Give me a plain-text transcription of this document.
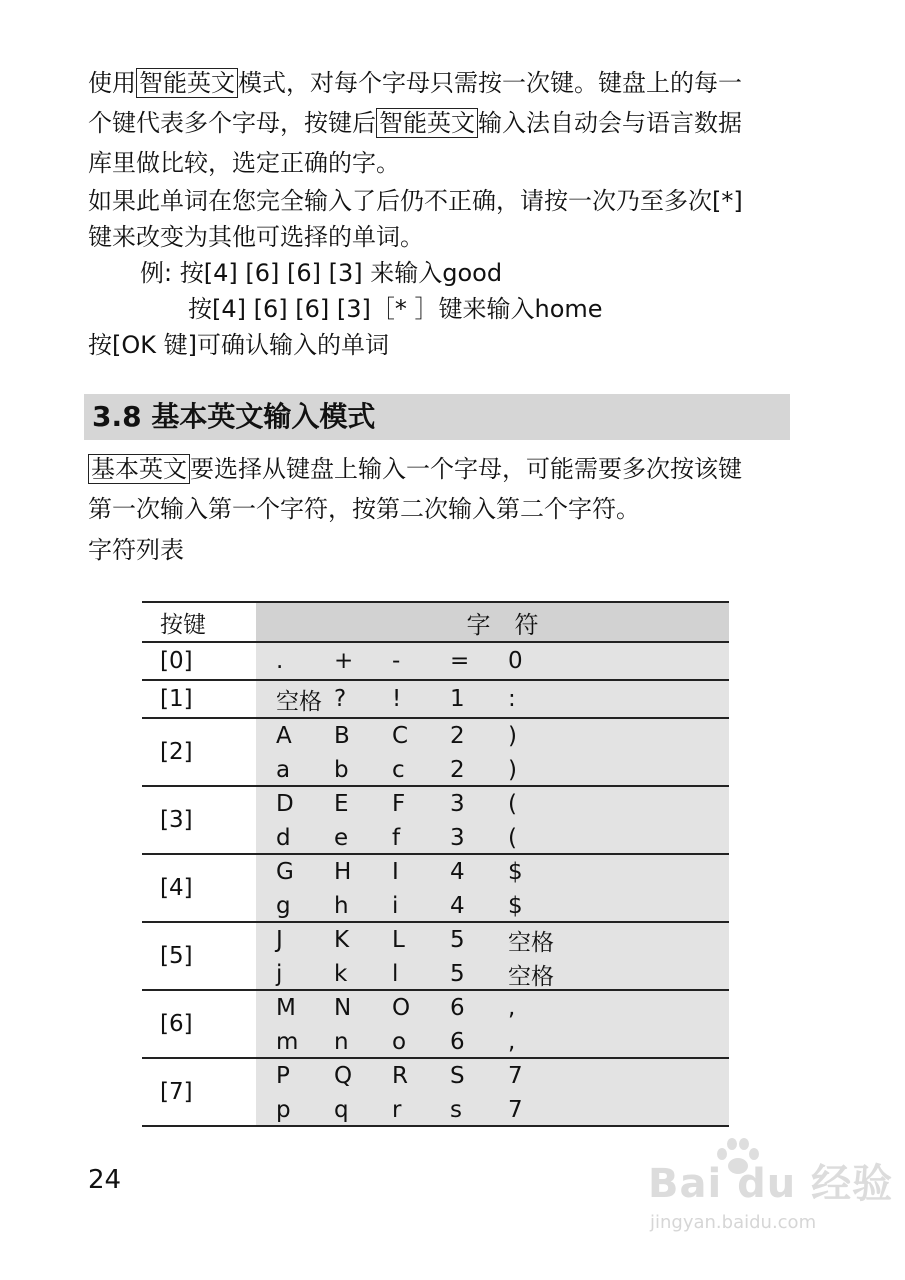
使用 智能英文 模式，对每个字母只需按一次键。键盘上的每一
个键代表多个字母，按键后 智能英文 输入法自动会与语言数据
库里做比较，选定正确的字。
如果此单词在您完全输入了后仍不正确，请按一次乃至多次[*]
键来改变为其他可选择的单词。
例: 按[4] [6] [6] [3] 来输入good
按[4] [6] [6] [3]［* ］键来输入home
按[OK 键]可确认输入的单词
3.8 基本英文输入模式
基本英文 要选择从键盘上输入一个字母，可能需要多次按该键
第一次输入第一个字符，按第二次输入第二个字符。
字符列表
按键	字　符
[0]	.	+	-	=	0
[1]	空格 ?	!	1	:
[2]
A	B	C	2	)
a	b	c	2	)
[3]
D	E	F	3	(
d	e	f	3	(
[4]
G	H	I	4	$
g	h	i	4	$
[5]
J	K	L	5	空格
j	k	l	5	空格
[6]
M	N	O	6	,
m	n	o	6	,
[7]
P	Q	R	S	7
p	q	r	s	7
24	Bai du 经验
jingyan.baidu.com
